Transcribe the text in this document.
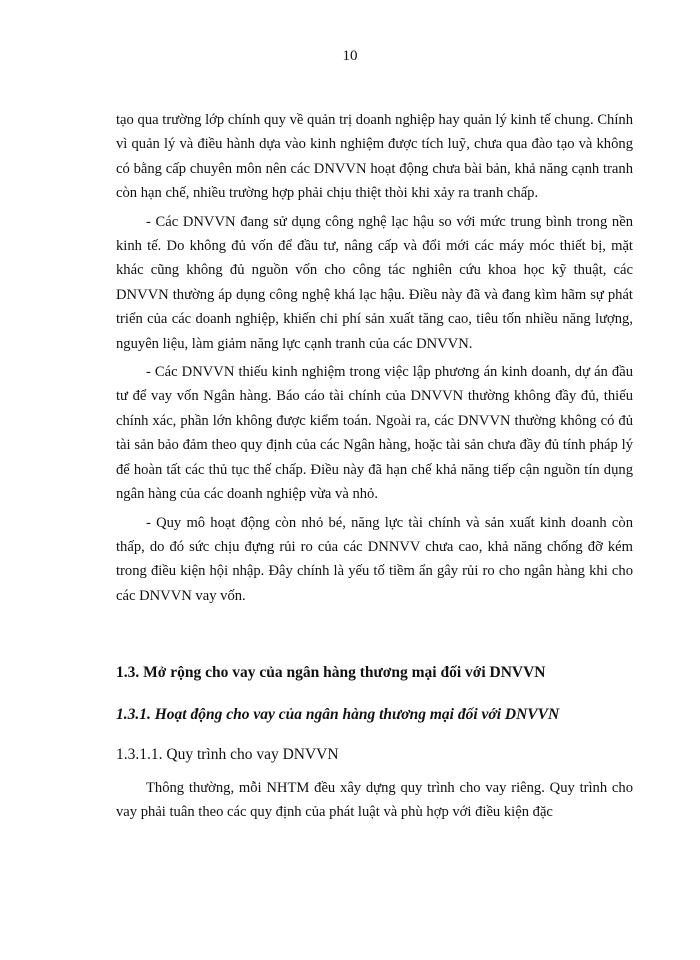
10

tạo qua trường lớp chính quy về quản trị doanh nghiệp hay quản lý kinh tế chung. Chính vì quản lý và điều hành dựa vào kinh nghiệm được tích luỹ, chưa qua đào tạo và không có bằng cấp chuyên môn nên các DNVVN hoạt động chưa bài bản, khả năng cạnh tranh còn hạn chế, nhiều trường hợp phải chịu thiệt thòi khi xảy ra tranh chấp.

- Các DNVVN đang sử dụng công nghệ lạc hậu so với mức trung bình trong nền kinh tế. Do không đủ vốn để đầu tư, nâng cấp và đổi mới các máy móc thiết bị, mặt khác cũng không đủ nguồn vốn cho công tác nghiên cứu khoa học kỹ thuật, các DNVVN thường áp dụng công nghệ khá lạc hậu. Điều này đã và đang kìm hãm sự phát triển của các doanh nghiệp, khiến chi phí sản xuất tăng cao, tiêu tốn nhiều năng lượng, nguyên liệu, làm giảm năng lực cạnh tranh của các DNVVN.

- Các DNVVN thiếu kinh nghiệm trong việc lập phương án kinh doanh, dự án đầu tư để vay vốn Ngân hàng. Báo cáo tài chính của DNVVN thường không đầy đủ, thiếu chính xác, phần lớn không được kiểm toán. Ngoài ra, các DNVVN thường không có đủ tài sản bảo đảm theo quy định của các Ngân hàng, hoặc tài sản chưa đầy đủ tính pháp lý để hoàn tất các thủ tục thế chấp. Điều này đã hạn chế khả năng tiếp cận nguồn tín dụng ngân hàng của các doanh nghiệp vừa và nhỏ.

- Quy mô hoạt động còn nhỏ bé, năng lực tài chính và sản xuất kinh doanh còn thấp, do đó sức chịu đựng rủi ro của các DNNVV chưa cao, khả năng chống đỡ kém trong điều kiện hội nhập. Đây chính là yếu tố tiềm ẩn gây rủi ro cho ngân hàng khi cho các DNVVN vay vốn.

1.3. Mở rộng cho vay của ngân hàng thương mại đối với DNVVN
1.3.1. Hoạt động cho vay của ngân hàng thương mại đối với DNVVN
1.3.1.1. Quy trình cho vay DNVVN

Thông thường, mỗi NHTM đều xây dựng quy trình cho vay riêng. Quy trình cho vay phải tuân theo các quy định của phát luật và phù hợp với điều kiện đặc
